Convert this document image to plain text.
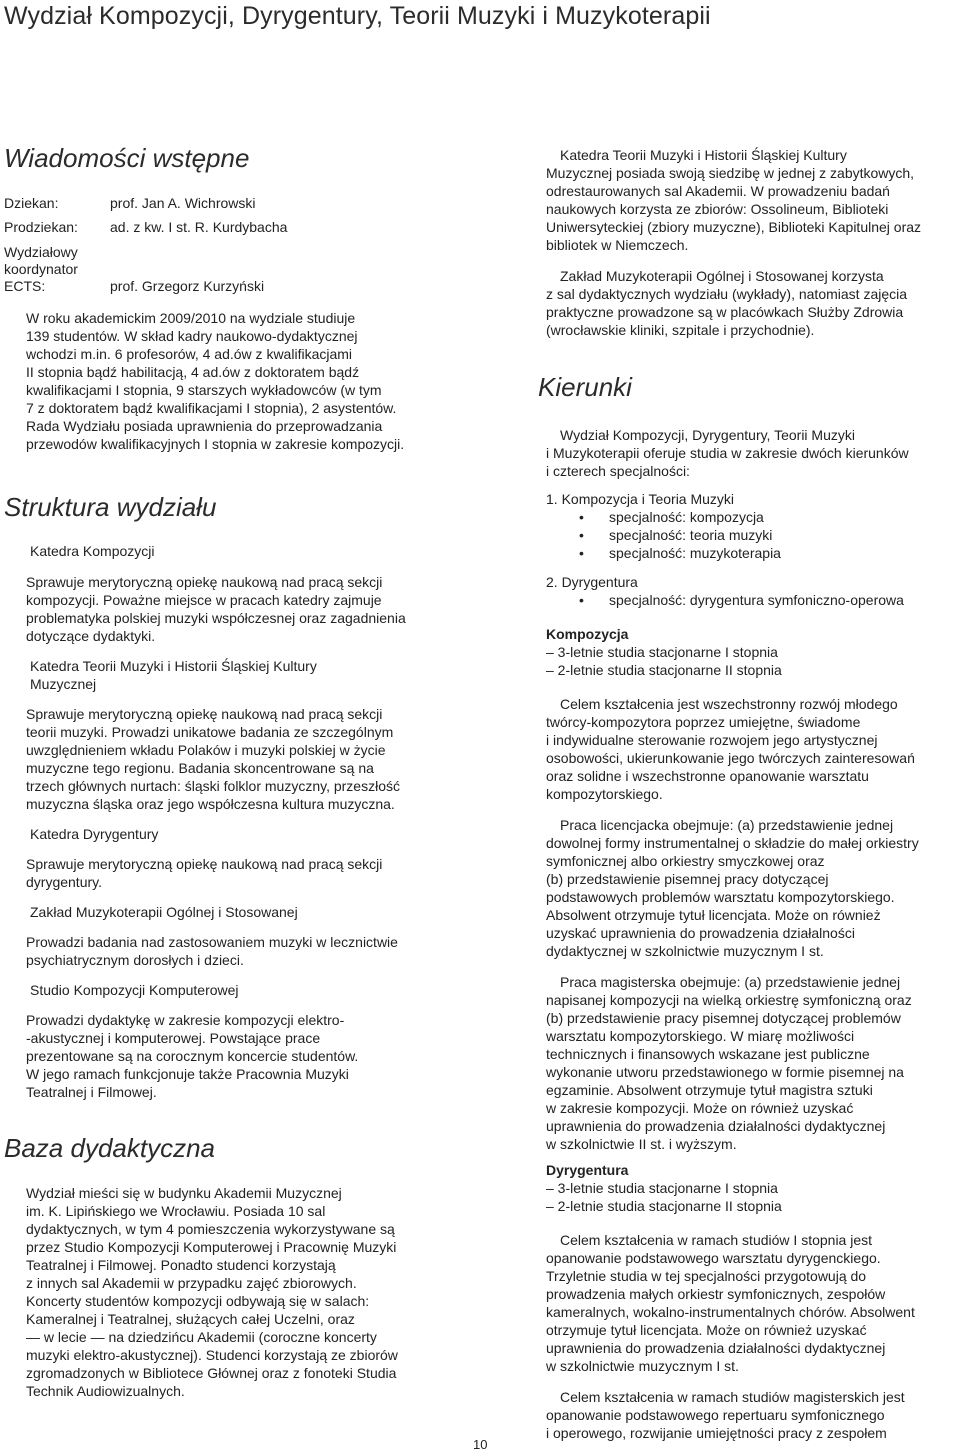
Wydział Kompozycji, Dyrygentury, Teorii Muzyki i Muzykoterapii
Wiadomości wstępne
Dziekan:	prof. Jan A. Wichrowski
Prodziekan:	ad. z kw. I st. R. Kurdybacha
Wydziałowy
koordynator
ECTS:	prof. Grzegorz Kurzyński

W roku akademickim 2009/2010 na wydziale studiuje
139 studentów. W skład kadry naukowo-dydaktycznej
wchodzi m.in. 6 profesorów, 4 ad.ów z kwalifikacjami
II stopnia bądź habilitacją, 4 ad.ów z doktoratem bądź
kwalifikacjami I stopnia, 9 starszych wykładowców (w tym
7 z doktoratem bądź kwalifikacjami I stopnia), 2 asystentów.
Rada Wydziału posiada uprawnienia do przeprowadzania
przewodów kwalifikacyjnych I stopnia w zakresie kompozycji.

Struktura wydziału

Katedra Kompozycji

Sprawuje merytoryczną opiekę naukową nad pracą sekcji
kompozycji. Poważne miejsce w pracach katedry zajmuje
problematyka polskiej muzyki współczesnej oraz zagadnienia
dotyczące dydaktyki.

Katedra Teorii Muzyki i Historii Śląskiej Kultury
Muzycznej

Sprawuje merytoryczną opiekę naukową nad pracą sekcji
teorii muzyki. Prowadzi unikatowe badania ze szczególnym
uwzględnieniem wkładu Polaków i muzyki polskiej w życie
muzyczne tego regionu. Badania skoncentrowane są na
trzech głównych nurtach: śląski folklor muzyczny, przeszłość
muzyczna śląska oraz jego współczesna kultura muzyczna.

Katedra Dyrygentury

Sprawuje merytoryczną opiekę naukową nad pracą sekcji
dyrygentury.

Zakład Muzykoterapii Ogólnej i Stosowanej

Prowadzi badania nad zastosowaniem muzyki w lecznictwie
psychiatrycznym dorosłych i dzieci.

Studio Kompozycji Komputerowej

Prowadzi dydaktykę w zakresie kompozycji elektro-
-akustycznej i komputerowej. Powstające prace
prezentowane są na corocznym koncercie studentów.
W jego ramach funkcjonuje także Pracownia Muzyki
Teatralnej i Filmowej.

Baza dydaktyczna

Wydział mieści się w budynku Akademii Muzycznej
im. K. Lipińskiego we Wrocławiu. Posiada 10 sal
dydaktycznych, w tym 4 pomieszczenia wykorzystywane są
przez Studio Kompozycji Komputerowej i Pracownię Muzyki
Teatralnej i Filmowej. Ponadto studenci korzystają
z innych sal Akademii w przypadku zajęć zbiorowych.
Koncerty studentów kompozycji odbywają się w salach:
Kameralnej i Teatralnej, służących całej Uczelni, oraz
— w lecie — na dziedzińcu Akademii (coroczne koncerty
muzyki elektro-akustycznej). Studenci korzystają ze zbiorów
zgromadzonych w Bibliotece Głównej oraz z fonoteki Studia
Technik Audiowizualnych.

Katedra Teorii Muzyki i Historii Śląskiej Kultury
Muzycznej posiada swoją siedzibę w jednej z zabytkowych,
odrestaurowanych sal Akademii. W prowadzeniu badań
naukowych korzysta ze zbiorów: Ossolineum, Biblioteki
Uniwersyteckiej (zbiory muzyczne), Biblioteki Kapitulnej oraz
bibliotek w Niemczech.

Zakład Muzykoterapii Ogólnej i Stosowanej korzysta
z sal dydaktycznych wydziału (wykłady), natomiast zajęcia
praktyczne prowadzone są w placówkach Służby Zdrowia
(wrocławskie kliniki, szpitale i przychodnie).

Kierunki

Wydział Kompozycji, Dyrygentury, Teorii Muzyki
i Muzykoterapii oferuje studia w zakresie dwóch kierunków
i czterech specjalności:

1. Kompozycja i Teoria Muzyki

•	specjalność: kompozycja
•	specjalność: teoria muzyki
•	specjalność: muzykoterapia

2. Dyrygentura

•	specjalność: dyrygentura symfoniczno-operowa

Kompozycja

– 3-letnie studia stacjonarne I stopnia
– 2-letnie studia stacjonarne II stopnia

Celem kształcenia jest wszechstronny rozwój młodego
twórcy-kompozytora poprzez umiejętne, świadome
i indywidualne sterowanie rozwojem jego artystycznej
osobowości, ukierunkowanie jego twórczych zainteresowań
oraz solidne i wszechstronne opanowanie warsztatu
kompozytorskiego.

Praca licencjacka obejmuje: (a) przedstawienie jednej
dowolnej formy instrumentalnej o składzie do małej orkiestry
symfonicznej albo orkiestry smyczkowej oraz
(b) przedstawienie pisemnej pracy dotyczącej
podstawowych problemów warsztatu kompozytorskiego.
Absolwent otrzymuje tytuł licencjata. Może on również
uzyskać uprawnienia do prowadzenia działalności
dydaktycznej w szkolnictwie muzycznym I st.

Praca magisterska obejmuje: (a) przedstawienie jednej
napisanej kompozycji na wielką orkiestrę symfoniczną oraz
(b) przedstawienie pracy pisemnej dotyczącej problemów
warsztatu kompozytorskiego. W miarę możliwości
technicznych i finansowych wskazane jest publiczne
wykonanie utworu przedstawionego w formie pisemnej na
egzaminie. Absolwent otrzymuje tytuł magistra sztuki
w zakresie kompozycji. Może on również uzyskać
uprawnienia do prowadzenia działalności dydaktycznej
w szkolnictwie II st. i wyższym.

Dyrygentura

– 3-letnie studia stacjonarne I stopnia
– 2-letnie studia stacjonarne II stopnia

Celem kształcenia w ramach studiów I stopnia jest
opanowanie podstawowego warsztatu dyrygenckiego.
Trzyletnie studia w tej specjalności przygotowują do
prowadzenia małych orkiestr symfonicznych, zespołów
kameralnych, wokalno-instrumentalnych chórów. Absolwent
otrzymuje tytuł licencjata. Może on również uzyskać
uprawnienia do prowadzenia działalności dydaktycznej
w szkolnictwie muzycznym I st.

Celem kształcenia w ramach studiów magisterskich jest
opanowanie podstawowego repertuaru symfonicznego
i operowego, rozwijanie umiejętności pracy z zespołem

10
